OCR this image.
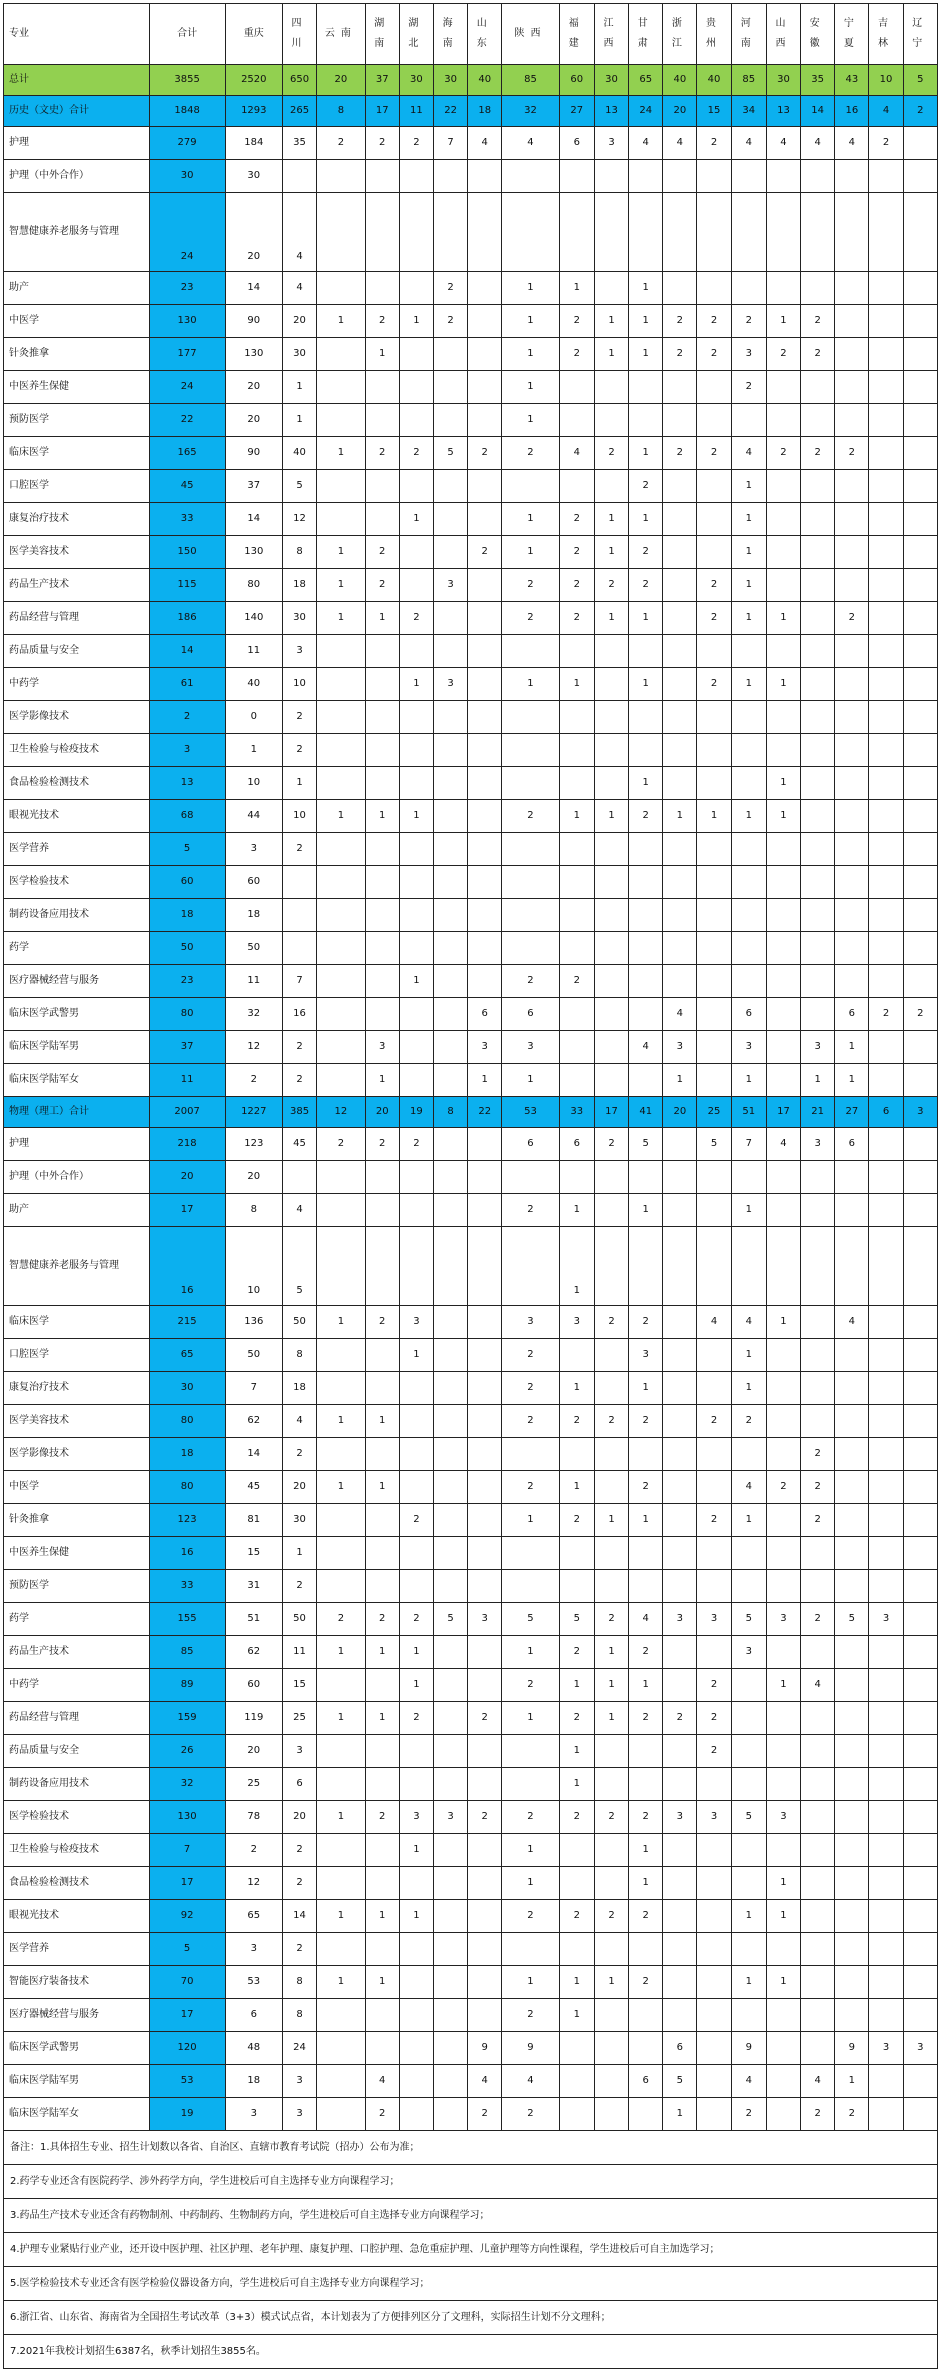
专业	合计	重庆	四川	云南	湖南	湖北	海南	山东	陕西	福建	江西	甘肃	浙江	贵州	河南	山西	安徽	宁夏	吉林	辽宁
总计	3855	2520	650	20	37	30	30	40	85	60	30	65	40	40	85	30	35	43	10	5
历史（文史）合计	1848	1293	265	8	17	11	22	18	32	27	13	24	20	15	34	13	14	16	4	2
护理	279	184	35	2	2	2	7	4	4	6	3	4	4	2	4	4	4	4	2	
护理（中外合作）	30	30																		
智慧健康养老服务与管理	24	20	4																	
助产	23	14	4				2		1	1		1								
中医学	130	90	20	1	2	1	2		1	2	1	1	2	2	2	1	2			
针灸推拿	177	130	30		1				1	2	1	1	2	2	3	2	2			
中医养生保健	24	20	1						1						2					
预防医学	22	20	1						1											
临床医学	165	90	40	1	2	2	5	2	2	4	2	1	2	2	4	2	2	2		
口腔医学	45	37	5									2			1					
康复治疗技术	33	14	12			1			1	2	1	1			1					
医学美容技术	150	130	8	1	2			2	1	2	1	2			1					
药品生产技术	115	80	18	1	2		3		2	2	2	2		2	1					
药品经营与管理	186	140	30	1	1	2			2	2	1	1		2	1	1		2		
药品质量与安全	14	11	3																	
中药学	61	40	10			1	3		1	1		1		2	1	1				
医学影像技术	2	0	2																	
卫生检验与检疫技术	3	1	2																	
食品检验检测技术	13	10	1									1				1				
眼视光技术	68	44	10	1	1	1			2	1	1	2	1	1	1	1				
医学营养	5	3	2																	
医学检验技术	60	60																		
制药设备应用技术	18	18																		
药学	50	50																		
医疗器械经营与服务	23	11	7			1			2	2										
临床医学武警男	80	32	16					6	6				4		6			6	2	2
临床医学陆军男	37	12	2		3			3	3			4	3		3		3	1		
临床医学陆军女	11	2	2		1			1	1				1		1		1	1		
物理（理工）合计	2007	1227	385	12	20	19	8	22	53	33	17	41	20	25	51	17	21	27	6	3
护理	218	123	45	2	2	2			6	6	2	5		5	7	4	3	6		
护理（中外合作）	20	20																		
助产	17	8	4						2	1		1			1					
智慧健康养老服务与管理	16	10	5							1										
临床医学	215	136	50	1	2	3			3	3	2	2		4	4	1		4		
口腔医学	65	50	8			1			2			3			1					
康复治疗技术	30	7	18						2	1		1			1					
医学美容技术	80	62	4	1	1				2	2	2	2		2	2					
医学影像技术	18	14	2														2			
中医学	80	45	20	1	1				2	1		2			4	2	2			
针灸推拿	123	81	30			2			1	2	1	1		2	1		2			
中医养生保健	16	15	1																	
预防医学	33	31	2																	
药学	155	51	50	2	2	2	5	3	5	5	2	4	3	3	5	3	2	5	3	
药品生产技术	85	62	11	1	1	1			1	2	1	2			3					
中药学	89	60	15			1			2	1	1	1		2		1	4			
药品经营与管理	159	119	25	1	1	2		2	1	2	1	2	2	2						
药品质量与安全	26	20	3							1				2						
制药设备应用技术	32	25	6							1										
医学检验技术	130	78	20	1	2	3	3	2	2	2	2	2	3	3	5	3				
卫生检验与检疫技术	7	2	2			1			1			1								
食品检验检测技术	17	12	2						1			1				1				
眼视光技术	92	65	14	1	1	1			2	2	2	2			1	1				
医学营养	5	3	2																	
智能医疗装备技术	70	53	8	1	1				1	1	1	2			1	1				
医疗器械经营与服务	17	6	8						2	1										
临床医学武警男	120	48	24					9	9				6		9			9	3	3
临床医学陆军男	53	18	3		4			4	4			6	5		4		4	1		
临床医学陆军女	19	3	3		2			2	2				1		2		2	2		
备注：1.具体招生专业、招生计划数以各省、自治区、直辖市教育考试院（招办）公布为准；																				
2.药学专业还含有医院药学、涉外药学方向，学生进校后可自主选择专业方向课程学习；																				
3.药品生产技术专业还含有药物制剂、中药制药、生物制药方向，学生进校后可自主选择专业方向课程学习；																				
4.护理专业紧贴行业产业，还开设中医护理、社区护理、老年护理、康复护理、口腔护理、急危重症护理、儿童护理等方向性课程，学生进校后可自主加选学习；																				
5.医学检验技术专业还含有医学检验仪器设备方向，学生进校后可自主选择专业方向课程学习；																				
6.浙江省、山东省、海南省为全国招生考试改革（3+3）模式试点省，本计划表为了方便排列区分了文理科，实际招生计划不分文理科；																				
7.2021年我校计划招生6387名，秋季计划招生3855名。																				
